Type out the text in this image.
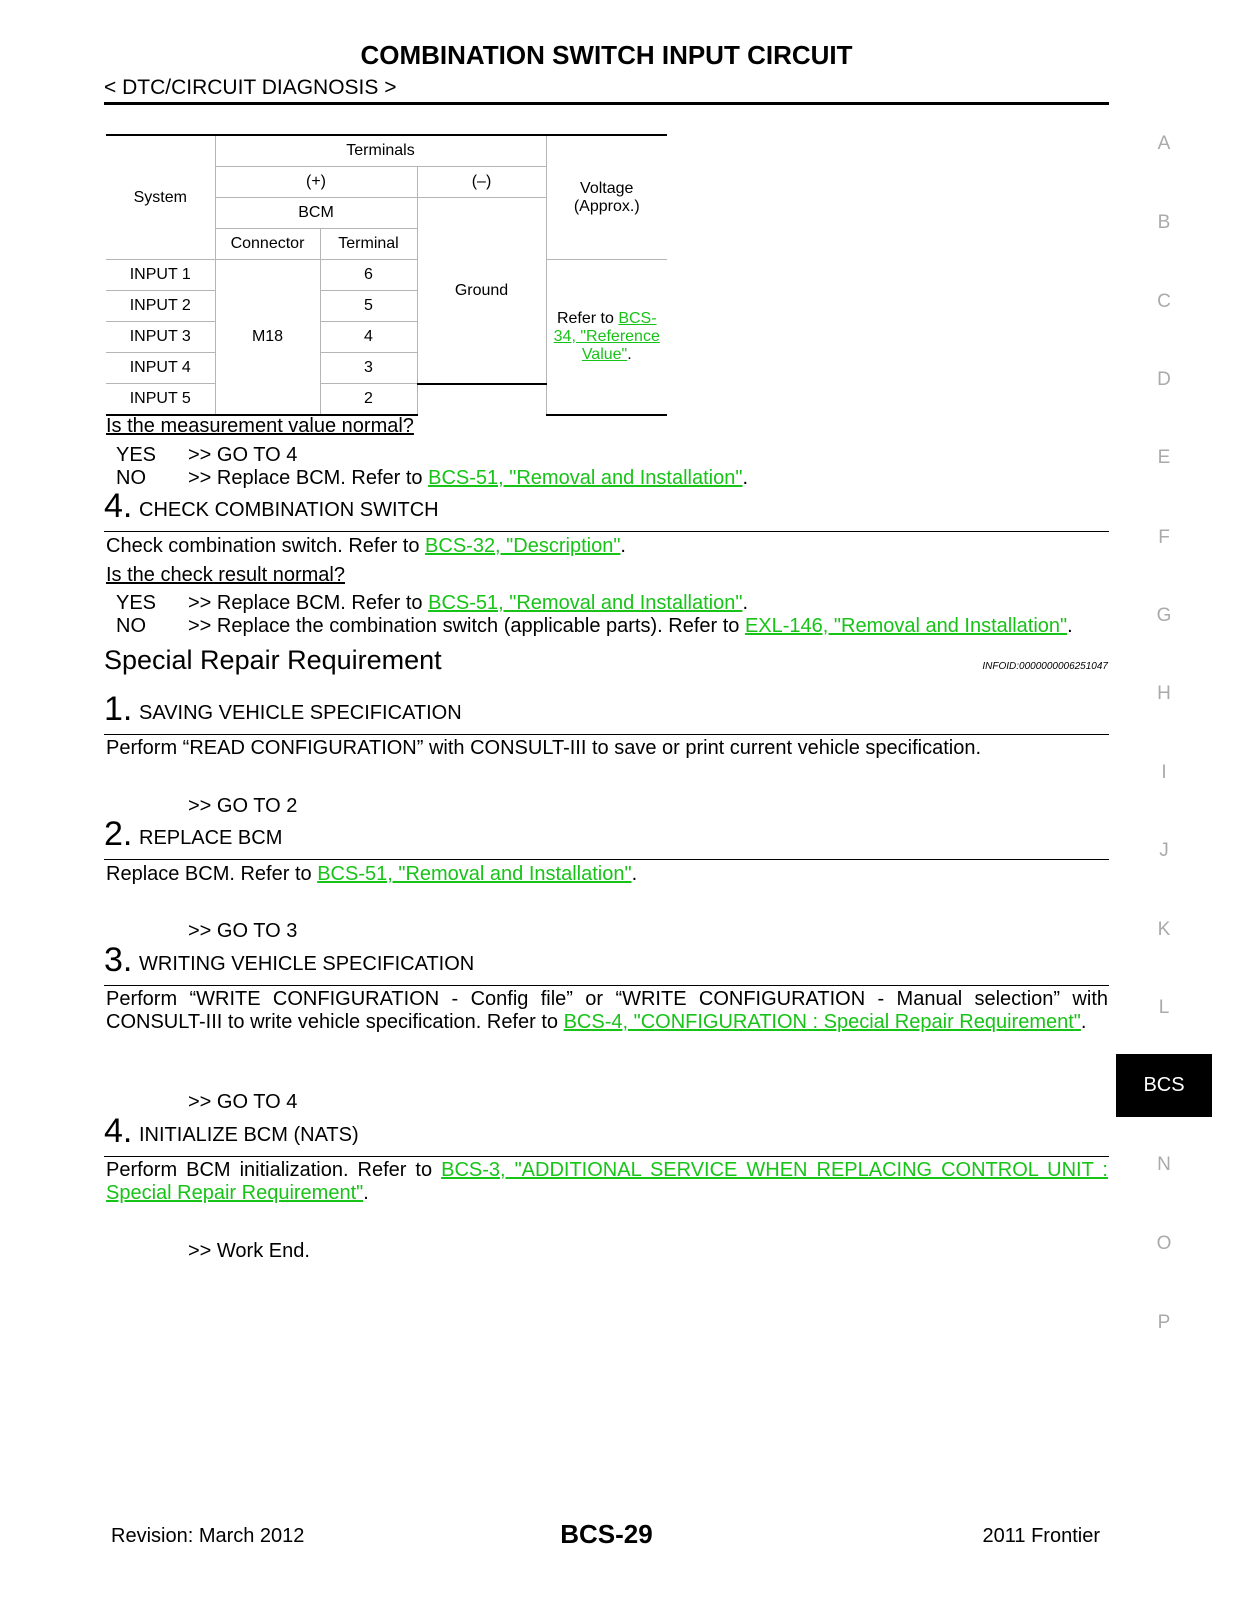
COMBINATION SWITCH INPUT CIRCUIT
< DTC/CIRCUIT DIAGNOSIS >
System	Terminals			Voltage
(Approx.)
	(+)		(–)	
	BCM		Ground	
	Connector	Terminal		
INPUT 1	M18	6		Refer to BCS-34, "Reference Value".
INPUT 2		5		
INPUT 3		4		
INPUT 4		3		
INPUT 5		2		
Is the measurement value normal?
YES >> GO TO 4
NO >> Replace BCM. Refer to BCS-51, "Removal and Installation".
4. CHECK COMBINATION SWITCH
Check combination switch. Refer to BCS-32, "Description".
Is the check result normal?
YES >> Replace BCM. Refer to BCS-51, "Removal and Installation".
NO >> Replace the combination switch (applicable parts). Refer to EXL-146, "Removal and Installation".
Special Repair Requirement	INFOID:0000000006251047
1. SAVING VEHICLE SPECIFICATION
Perform “READ CONFIGURATION” with CONSULT-III to save or print current vehicle specification.
>> GO TO 2
2. REPLACE BCM
Replace BCM. Refer to BCS-51, "Removal and Installation".
>> GO TO 3
3. WRITING VEHICLE SPECIFICATION
Perform “WRITE CONFIGURATION - Config file” or “WRITE CONFIGURATION - Manual selection” with CONSULT-III to write vehicle specification. Refer to BCS-4, "CONFIGURATION : Special Repair Requirement".
>> GO TO 4
4. INITIALIZE BCM (NATS)
Perform BCM initialization. Refer to BCS-3, "ADDITIONAL SERVICE WHEN REPLACING CONTROL UNIT : Special Repair Requirement".
>> Work End.
A
B
C
D
E
F
G
H
I
J
K
L
BCS
N
O
P
Revision: March 2012	BCS-29	2011 Frontier
